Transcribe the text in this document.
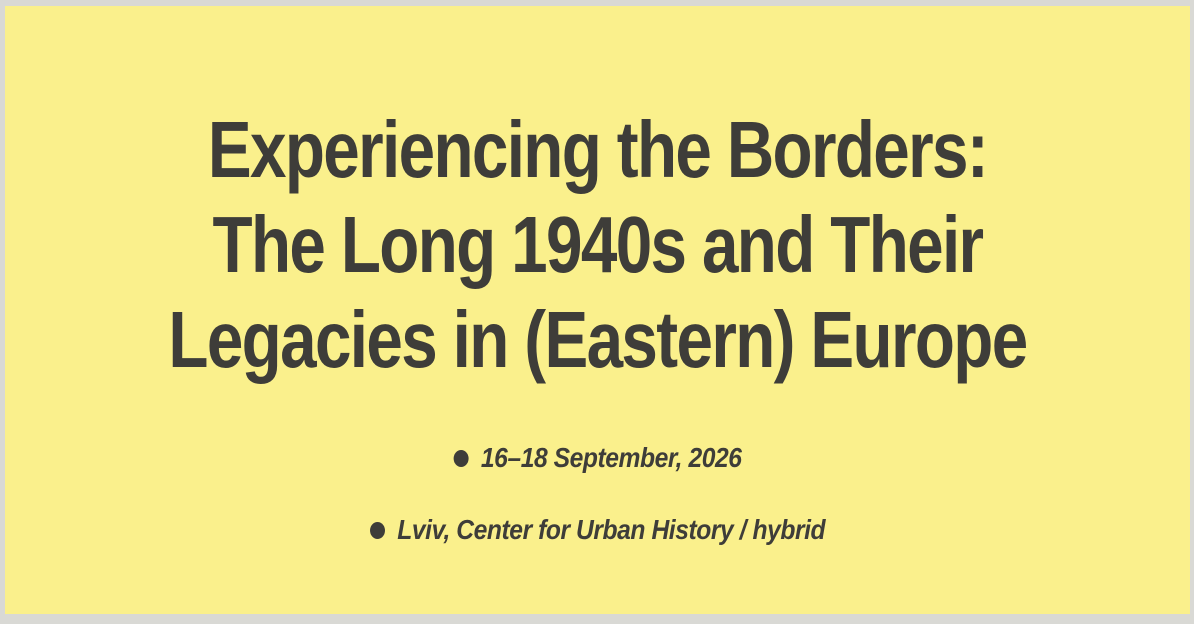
Experiencing the Borders:
The Long 1940s and Their
Legacies in (Eastern) Europe
16–18 September, 2026
Lviv, Center for Urban History / hybrid
